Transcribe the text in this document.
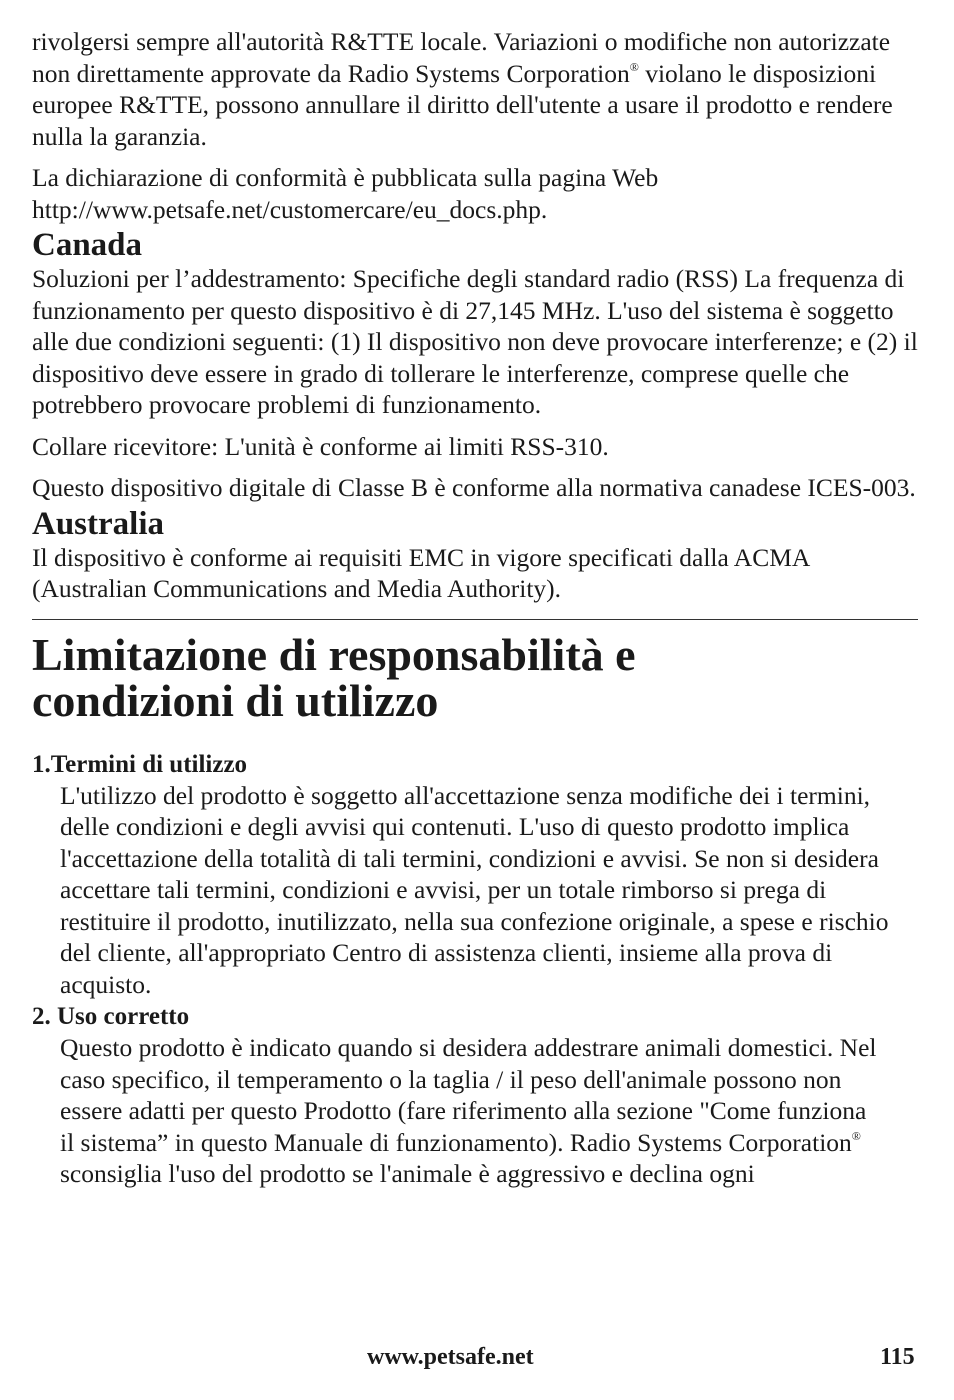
rivolgersi sempre all'autorità R&TTE locale. Variazioni o modifiche non autorizzate non direttamente approvate da Radio Systems Corporation® violano le disposizioni europee R&TTE, possono annullare il diritto dell'utente a usare il prodotto e rendere nulla la garanzia.

La dichiarazione di conformità è pubblicata sulla pagina Web http://www.petsafe.net/customercare/eu_docs.php.

Canada

Soluzioni per l’addestramento: Specifiche degli standard radio (RSS) La frequenza di funzionamento per questo dispositivo è di 27,145 MHz. L'uso del sistema è soggetto alle due condizioni seguenti: (1) Il dispositivo non deve provocare interferenze; e (2) il dispositivo deve essere in grado di tollerare le interferenze, comprese quelle che potrebbero provocare problemi di funzionamento.

Collare ricevitore: L'unità è conforme ai limiti RSS-310.

Questo dispositivo digitale di Classe B è conforme alla normativa canadese ICES-003.

Australia

Il dispositivo è conforme ai requisiti EMC in vigore specificati dalla ACMA (Australian Communications and Media Authority).

Limitazione di responsabilità e
condizioni di utilizzo
1.Termini di utilizzo

L'utilizzo del prodotto è soggetto all'accettazione senza modifiche dei i termini, delle condizioni e degli avvisi qui contenuti. L'uso di questo prodotto implica l'accettazione della totalità di tali termini, condizioni e avvisi. Se non si desidera accettare tali termini, condizioni e avvisi, per un totale rimborso si prega di restituire il prodotto, inutilizzato, nella sua confezione originale, a spese e rischio del cliente, all'appropriato Centro di assistenza clienti, insieme alla prova di acquisto.

2. Uso corretto

Questo prodotto è indicato quando si desidera addestrare animali domestici. Nel caso specifico, il temperamento o la taglia / il peso dell'animale possono non essere adatti per questo Prodotto (fare riferimento alla sezione "Come funziona il sistema” in questo Manuale di funzionamento). Radio Systems Corporation® sconsiglia l'uso del prodotto se l'animale è aggressivo e declina ogni

www.petsafe.net	115
